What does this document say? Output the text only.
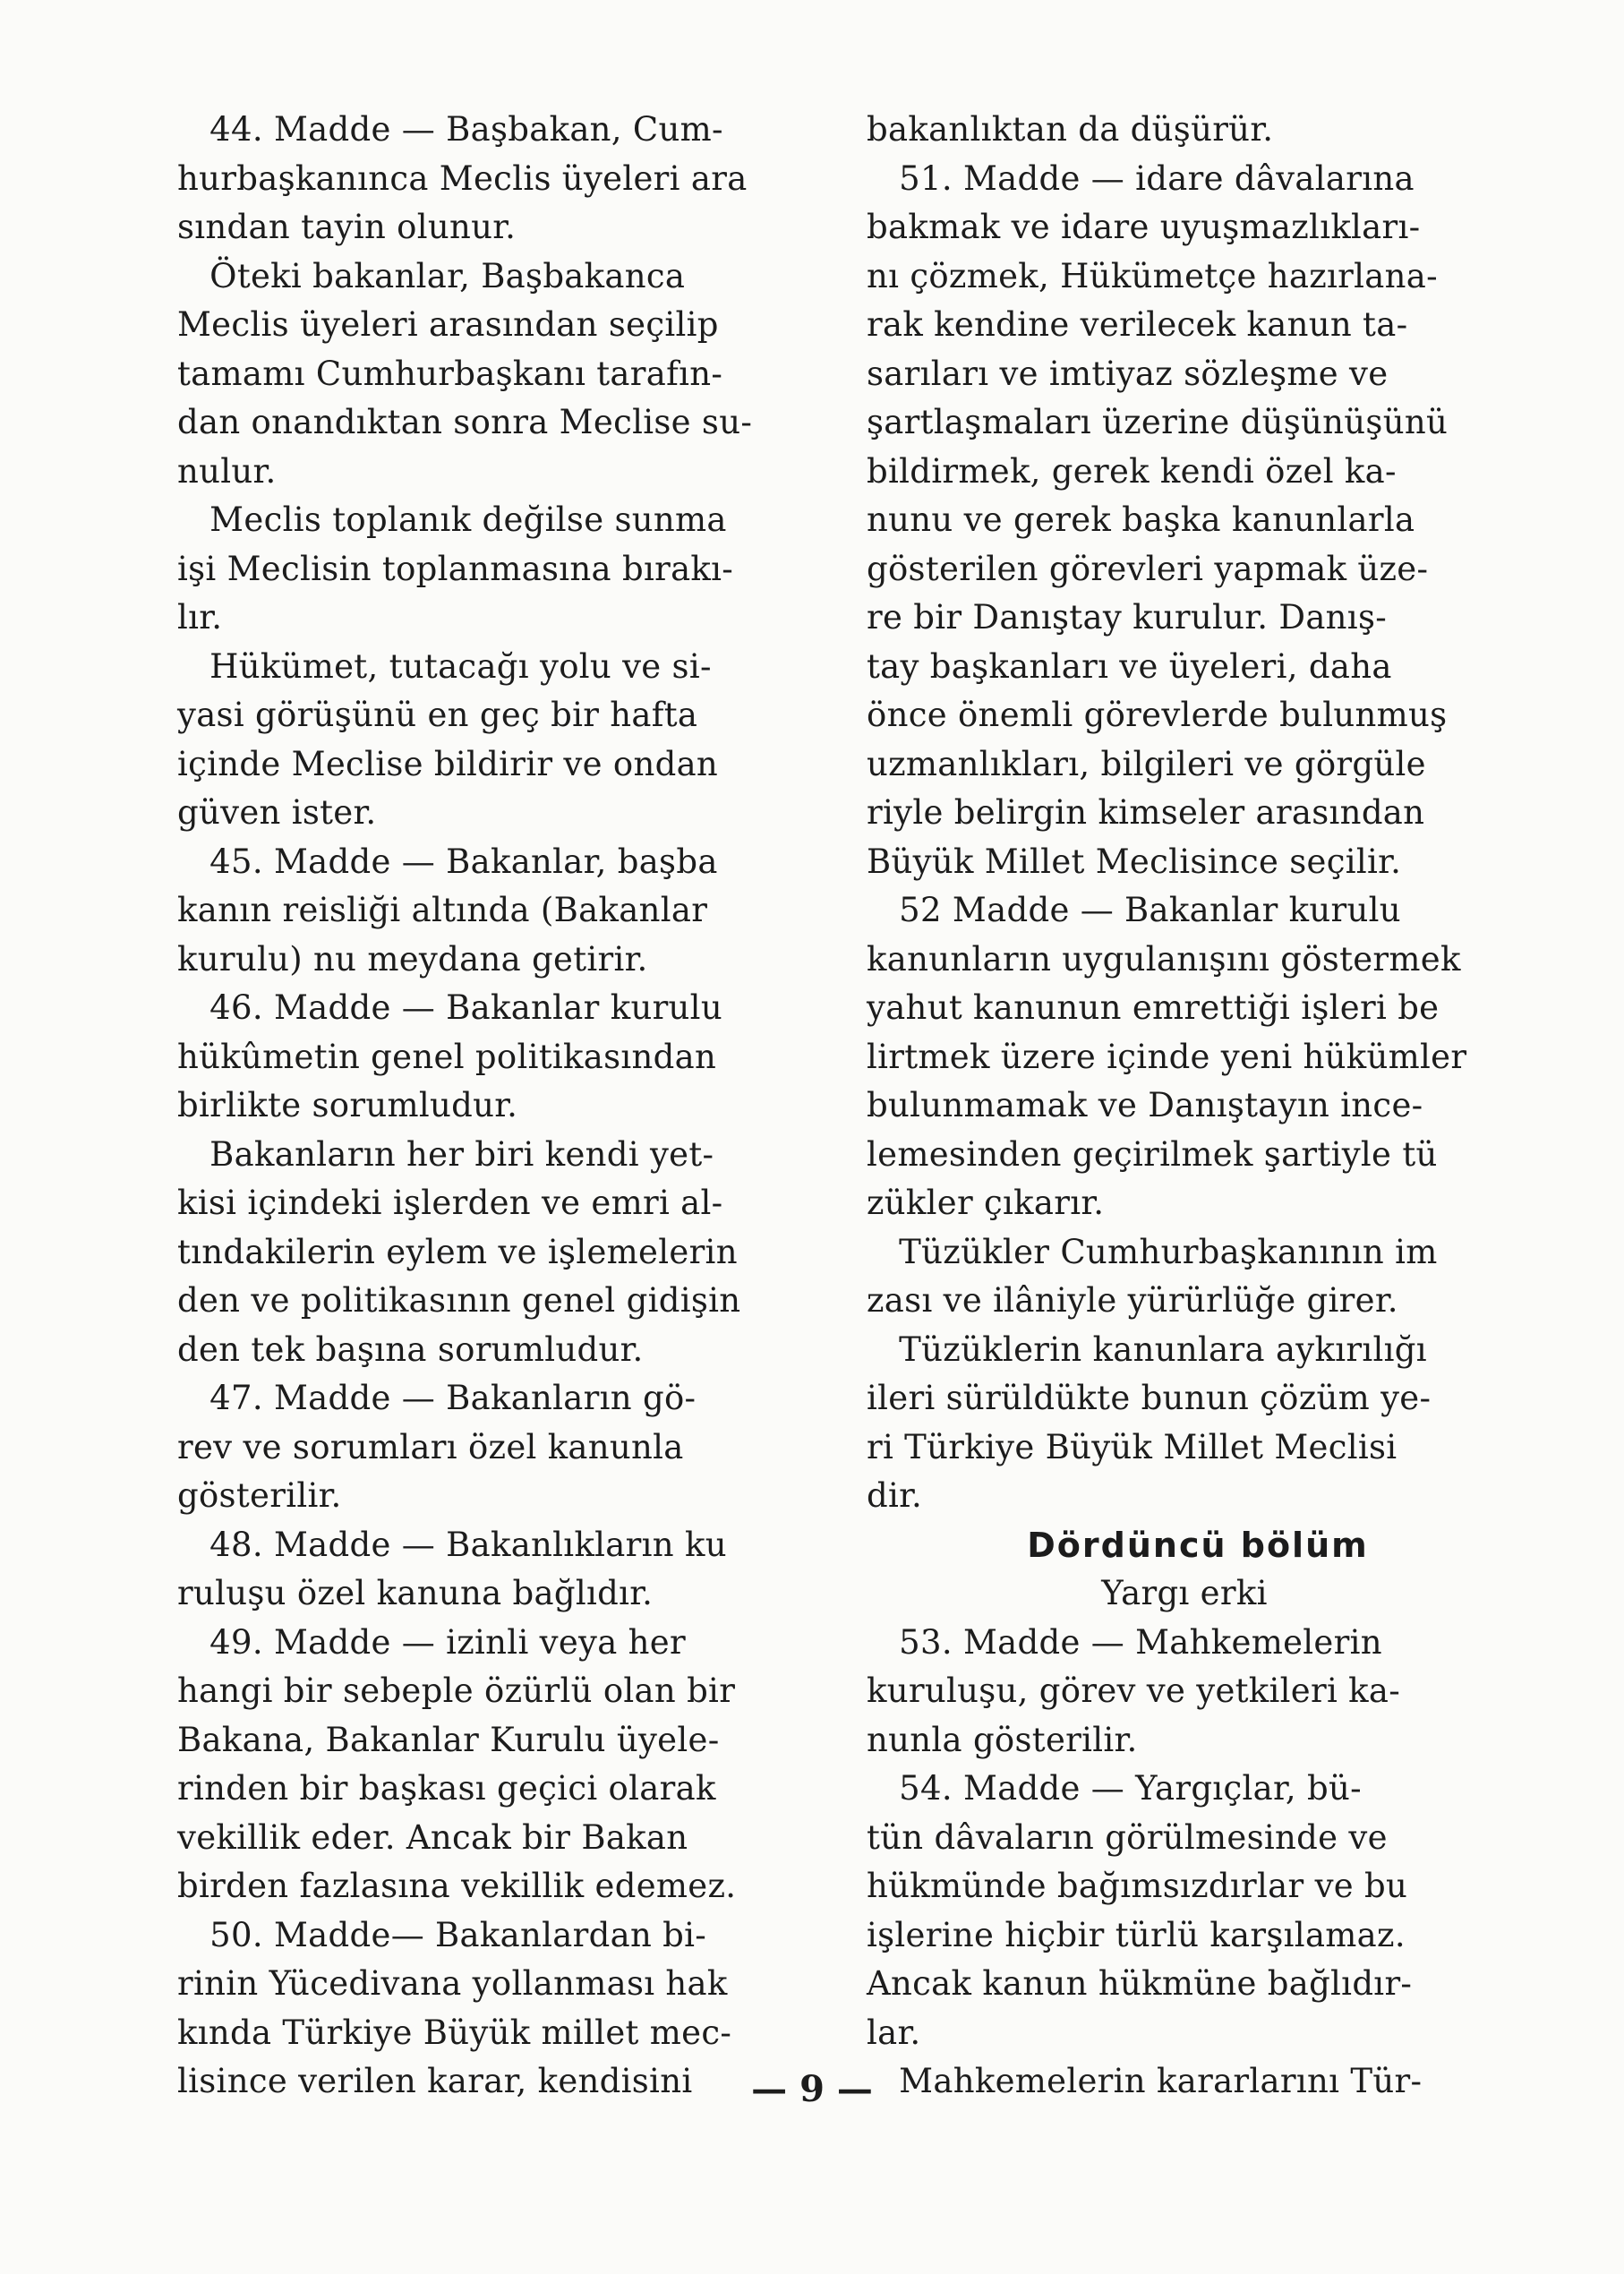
44. Madde — Başbakan, Cum-
hurbaşkanınca Meclis üyeleri ara
sından tayin olunur.
Öteki bakanlar, Başbakanca
Meclis üyeleri arasından seçilip
tamamı Cumhurbaşkanı tarafın-
dan onandıktan sonra Meclise su-
nulur.
Meclis toplanık değilse sunma
işi Meclisin toplanmasına bırakı-
lır.
Hükümet, tutacağı yolu ve si-
yasi görüşünü en geç bir hafta
içinde Meclise bildirir ve ondan
güven ister.
45. Madde — Bakanlar, başba
kanın reisliği altında (Bakanlar
kurulu) nu meydana getirir.
46. Madde — Bakanlar kurulu
hükûmetin genel politikasından
birlikte sorumludur.
Bakanların her biri kendi yet-
kisi içindeki işlerden ve emri al-
tındakilerin eylem ve işlemelerin
den ve politikasının genel gidişin
den tek başına sorumludur.
47. Madde — Bakanların gö-
rev ve sorumları özel kanunla
gösterilir.
48. Madde — Bakanlıkların ku
ruluşu özel kanuna bağlıdır.
49. Madde — izinli veya her
hangi bir sebeple özürlü olan bir
Bakana, Bakanlar Kurulu üyele-
rinden bir başkası geçici olarak
vekillik eder. Ancak bir Bakan
birden fazlasına vekillik edemez.
50. Madde— Bakanlardan bi-
rinin Yücedivana yollanması hak
kında Türkiye Büyük millet mec-
lisince verilen karar, kendisini
bakanlıktan da düşürür.
51. Madde — idare dâvalarına
bakmak ve idare uyuşmazlıkları-
nı çözmek, Hükümetçe hazırlana-
rak kendine verilecek kanun ta-
sarıları ve imtiyaz sözleşme ve
şartlaşmaları üzerine düşünüşünü
bildirmek, gerek kendi özel ka-
nunu ve gerek başka kanunlarla
gösterilen görevleri yapmak üze-
re bir Danıştay kurulur. Danış-
tay başkanları ve üyeleri, daha
önce önemli görevlerde bulunmuş
uzmanlıkları, bilgileri ve görgüle
riyle belirgin kimseler arasından
Büyük Millet Meclisince seçilir.
52 Madde — Bakanlar kurulu
kanunların uygulanışını göstermek
yahut kanunun emrettiği işleri be
lirtmek üzere içinde yeni hükümler
bulunmamak ve Danıştayın ince-
lemesinden geçirilmek şartiyle tü
zükler çıkarır.
Tüzükler Cumhurbaşkanının im
zası ve ilâniyle yürürlüğe girer.
Tüzüklerin kanunlara aykırılığı
ileri sürüldükte bunun çözüm ye-
ri Türkiye Büyük Millet Meclisi
dir.
Dördüncü bölüm
Yargı erki
53. Madde — Mahkemelerin
kuruluşu, görev ve yetkileri ka-
nunla gösterilir.
54. Madde — Yargıçlar, bü-
tün dâvaların görülmesinde ve
hükmünde bağımsızdırlar ve bu
işlerine hiçbir türlü karşılamaz.
Ancak kanun hükmüne bağlıdır-
lar.
Mahkemelerin kararlarını Tür-
— 9 —
